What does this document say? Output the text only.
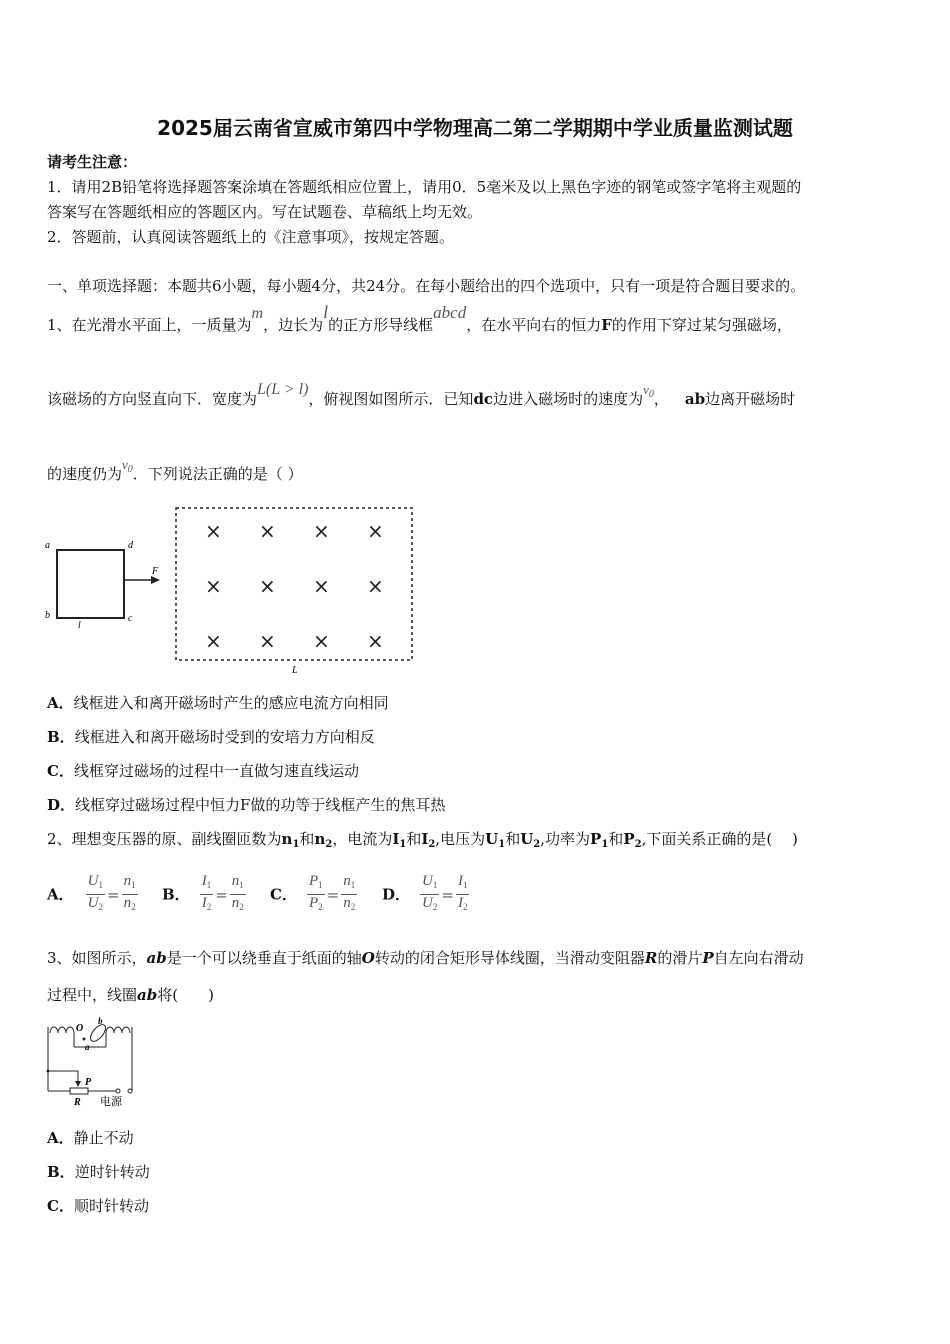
2025届云南省宣威市第四中学物理高二第二学期期中学业质量监测试题
请考生注意：
1．请用2B铅笔将选择题答案涂填在答题纸相应位置上，请用0．5毫米及以上黑色字迹的钢笔或签字笔将主观题的
答案写在答题纸相应的答题区内。写在试题卷、草稿纸上均无效。
2．答题前，认真阅读答题纸上的《注意事项》，按规定答题。
一、单项选择题：本题共6小题，每小题4分，共24分。在每小题给出的四个选项中，只有一项是符合题目要求的。
1、在光滑水平面上，一质量为m，边长为l的正方形导线框abcd，在水平向右的恒力F的作用下穿过某匀强磁场，
该磁场的方向竖直向下．宽度为L(L > l)，俯视图如图所示．已知dc边进入磁场时的速度为$v_0$， ab边离开磁场时
的速度仍为$v_0$．下列说法正确的是（ ）
a	d
b	c
F
l
L
× × × ×
× × × ×
× × × ×
A．线框进入和离开磁场时产生的感应电流方向相同
B．线框进入和离开磁场时受到的安培力方向相反
C．线框穿过磁场的过程中一直做匀速直线运动
D．线框穿过磁场过程中恒力F做的功等于线框产生的焦耳热
2、理想变压器的原、副线圈匝数为$n_1$和$n_2$，电流为$I_1$和$I_2$,电压为$U_1$和$U_2$,功率为$P_1$和$P_2$,下面关系正确的是(　 )
A． $\frac{U_1}{U_2} = \frac{n_1}{n_2}$ B． $\frac{I_1}{I_2} = \frac{n_1}{n_2}$ C． $\frac{P_1}{P_2} = \frac{n_1}{n_2}$ D． $\frac{U_1}{U_2} = \frac{I_1}{I_2}$
3、如图所示，ab是一个可以绕垂直于纸面的轴O转动的闭合矩形导体线圈，当滑动变阻器R的滑片P自左向右滑动
过程中，线圈ab将(　　)
O
b
a
P
R 电源
A．静止不动
B．逆时针转动
C．顺时针转动
